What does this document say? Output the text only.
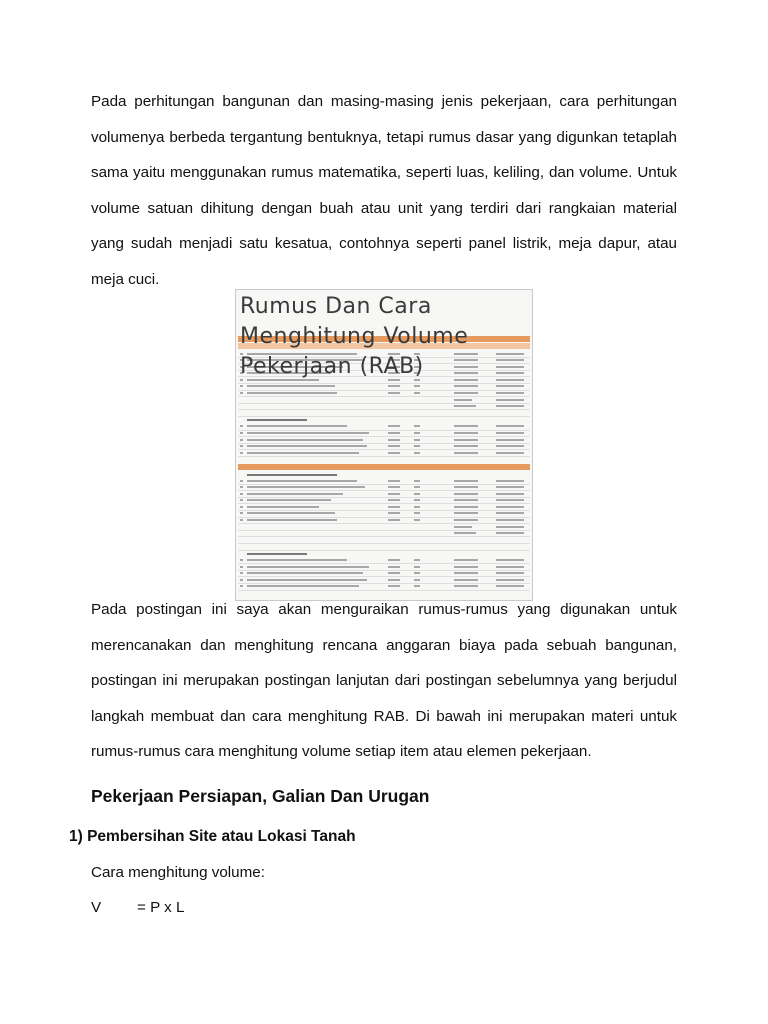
Pada perhitungan bangunan dan masing-masing jenis pekerjaan, cara perhitungan volumenya berbeda tergantung bentuknya, tetapi rumus dasar yang digunkan tetaplah sama yaitu menggunakan rumus matematika, seperti luas, keliling, dan volume. Untuk volume satuan dihitung dengan buah atau unit yang terdiri dari rangkaian material yang sudah menjadi satu kesatua, contohnya seperti panel listrik, meja dapur, atau meja cuci.

Rumus Dan Cara Menghitung Volume Pekerjaan (RAB)

Pada postingan ini saya akan menguraikan rumus-rumus yang digunakan untuk merencanakan dan menghitung rencana anggaran biaya pada sebuah bangunan, postingan ini merupakan postingan lanjutan dari postingan sebelumnya yang berjudul langkah membuat dan cara menghitung RAB. Di bawah ini merupakan materi untuk rumus-rumus cara menghitung volume setiap item atau elemen pekerjaan.

Pekerjaan Persiapan, Galian Dan Urugan
1) Pembersihan Site atau Lokasi Tanah

Cara menghitung volume:

V = P x L
